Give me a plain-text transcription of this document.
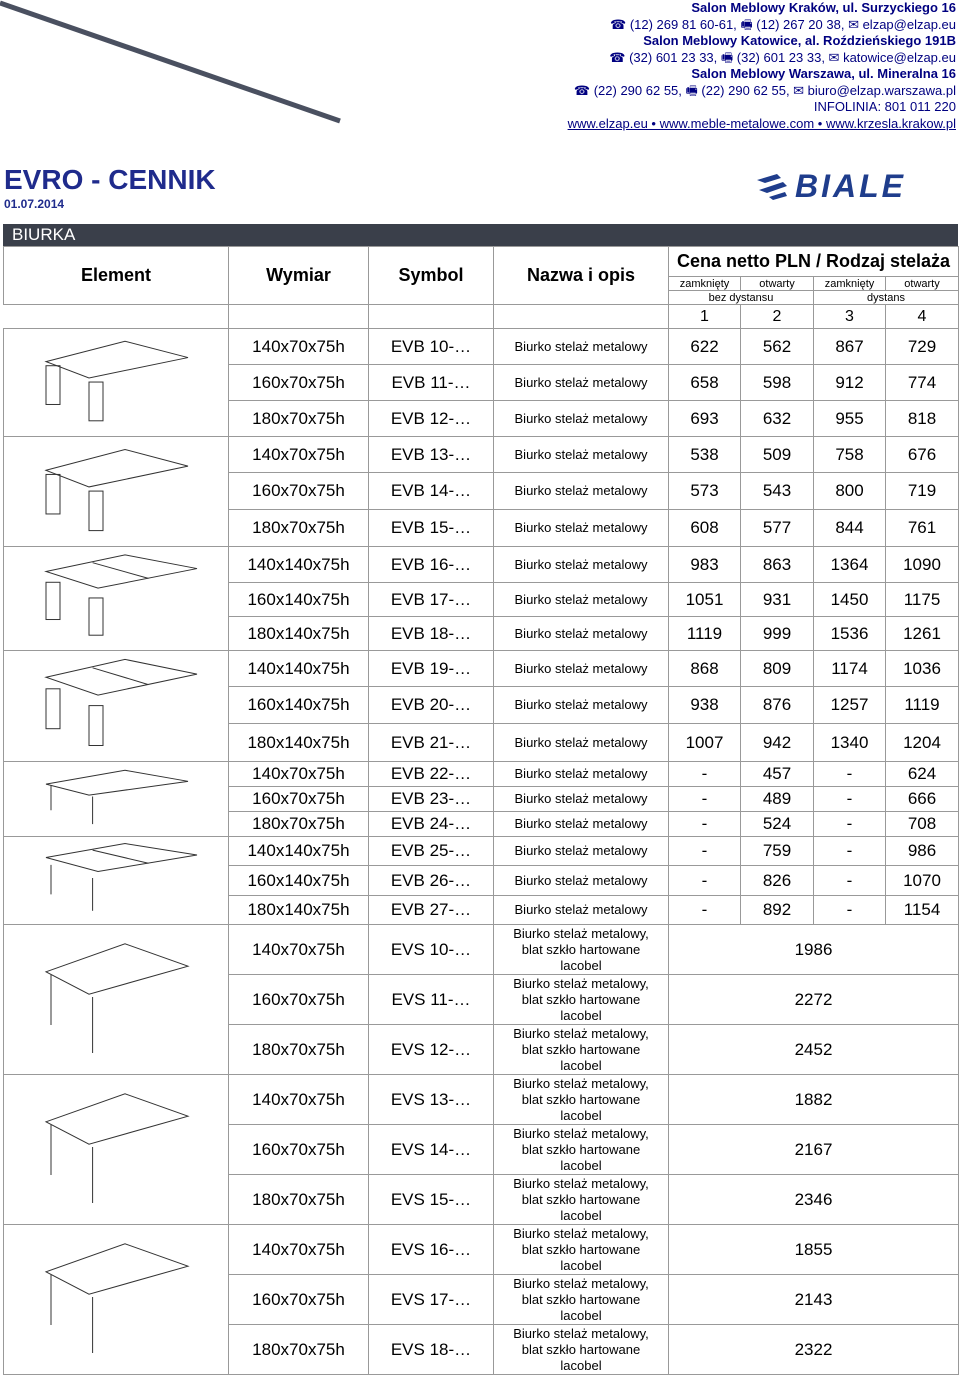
Salon Meblowy Kraków, ul. Surzyckiego 16
☎ (12) 269 81 60-61, 🖷 (12) 267 20 38, ✉ elzap@elzap.eu
Salon Meblowy Katowice, al. Roździeńskiego 191B
☎ (32) 601 23 33, 🖷 (32) 601 23 33, ✉ katowice@elzap.eu
Salon Meblowy Warszawa, ul. Mineralna 16
☎ (22) 290 62 55, 🖷 (22) 290 62 55, ✉ biuro@elzap.warszawa.pl
INFOLINIA: 801 011 220
www.elzap.eu • www.meble-metalowe.com • www.krzesla.krakow.pl
EVRO - CENNIK
01.07.2014	BIALE
BIURKA
Element	Wymiar	Symbol	Nazwa i opis	Cena netto PLN / Rodzaj stelaża			
				zamknięty	otwarty	zamknięty	otwarty
				bez dystansu		dystans	
				1	2	3	4
	140x70x75h	EVB 10-…	Biurko stelaż metalowy	622	562	867	729
	160x70x75h	EVB 11-…	Biurko stelaż metalowy	658	598	912	774
	180x70x75h	EVB 12-…	Biurko stelaż metalowy	693	632	955	818
	140x70x75h	EVB 13-…	Biurko stelaż metalowy	538	509	758	676
	160x70x75h	EVB 14-…	Biurko stelaż metalowy	573	543	800	719
	180x70x75h	EVB 15-…	Biurko stelaż metalowy	608	577	844	761
	140x140x75h	EVB 16-…	Biurko stelaż metalowy	983	863	1364	1090
	160x140x75h	EVB 17-…	Biurko stelaż metalowy	1051	931	1450	1175
	180x140x75h	EVB 18-…	Biurko stelaż metalowy	1119	999	1536	1261
	140x140x75h	EVB 19-…	Biurko stelaż metalowy	868	809	1174	1036
	160x140x75h	EVB 20-…	Biurko stelaż metalowy	938	876	1257	1119
	180x140x75h	EVB 21-…	Biurko stelaż metalowy	1007	942	1340	1204
	140x70x75h	EVB 22-…	Biurko stelaż metalowy	-	457	-	624
	160x70x75h	EVB 23-…	Biurko stelaż metalowy	-	489	-	666
	180x70x75h	EVB 24-…	Biurko stelaż metalowy	-	524	-	708
	140x140x75h	EVB 25-…	Biurko stelaż metalowy	-	759	-	986
	160x140x75h	EVB 26-…	Biurko stelaż metalowy	-	826	-	1070
	180x140x75h	EVB 27-…	Biurko stelaż metalowy	-	892	-	1154
	140x70x75h	EVS 10-…	Biurko stelaż metalowy,
blat szkło hartowane
lacobel	1986			
	160x70x75h	EVS 11-…	Biurko stelaż metalowy,
blat szkło hartowane
lacobel	2272			
	180x70x75h	EVS 12-…	Biurko stelaż metalowy,
blat szkło hartowane
lacobel	2452			
	140x70x75h	EVS 13-…	Biurko stelaż metalowy,
blat szkło hartowane
lacobel	1882			
	160x70x75h	EVS 14-…	Biurko stelaż metalowy,
blat szkło hartowane
lacobel	2167			
	180x70x75h	EVS 15-…	Biurko stelaż metalowy,
blat szkło hartowane
lacobel	2346			
	140x70x75h	EVS 16-…	Biurko stelaż metalowy,
blat szkło hartowane
lacobel	1855			
	160x70x75h	EVS 17-…	Biurko stelaż metalowy,
blat szkło hartowane
lacobel	2143			
	180x70x75h	EVS 18-…	Biurko stelaż metalowy,
blat szkło hartowane
lacobel	2322			
